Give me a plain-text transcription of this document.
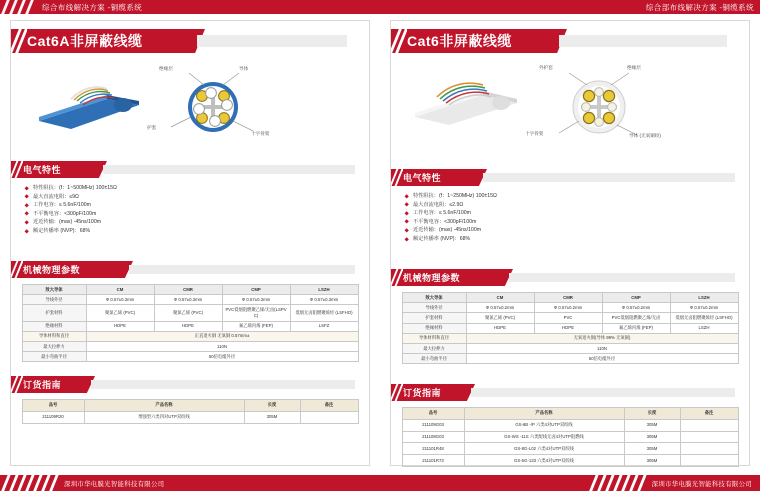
综合布线解决方案 -铜缆系统
Cat6A非屏蔽线缆
绝缘层	导体
护套
十字骨架
电气特性
特性阻抗：(f：1~500MHz) 100±15Ω
最大直流电阻：≤9Ω
工作电容：≤ 5.6nF/100m
不平衡电容：<300pF/100m
近近传输：(max) -45ns/100m
额定传播率 (NVP)：68%
机械物理参数
效大导体	CM	CMR	CMP	LSZH
导线外径	Φ 0.57±0.3mm	Φ 0.57±0.3mm	Φ 0.57±0.3mm	Φ 0.57±0.3mm
护套材料	聚氯乙烯 (PVC)	聚氯乙烯 (PVC)	PVC低烟阻燃聚乙烯/无卤(LSPVC)	低烟无卤阻燃聚烯烃 (LSFHO)
绝缘材料	HDPE	HDPE	氟乙烯丙烯 (FEP)	LSFZ
导体材料和直径	正直退火铜 无氧铜 0.57mm±			
最大拉伸力	110N			
最小弯曲半径	50倍电缆外径			
订货指南
品号	产品名称	长度	备注
211109R20	增强型六类四对UTP双绞线	305M	
深圳市华电膜光智能科技有限公司
综合部布线解决方案 -铜缆系统
Cat6非屏蔽线缆
外护套	绝缘层
十字骨架	导体 (无氧铜绞)
电气特性
特性阻抗：(f：1~250MHz) 100±15Ω
最大直流电阻：≤2.9Ω
工作电容：≤ 5.6nF/100m
不平衡电容：<300pF/100m
近近传输：(max) -45ns/100m
额定传播率 (NVP)：68%
机械物理参数
效大导体	CM	CMR	CMP	LSZH
导线外径	Φ 0.57±0.2mm	Φ 0.57±0.2mm	Φ 0.57±0.2mm	Φ 0.57±0.2mm
护套材料	聚氯乙烯 (PVC)	PVC	PVC低烟阻燃聚乙烯/无卤	低烟无卤阻燃聚烯烃 (LSFHO)
绝缘材料	HDPE	HDPE	氟乙烯丙烯 (FEP)	LSZH
导体材料和直径	无氧退火铜(导体 99% 无氧铜)			
最大拉伸力	110N			
最小弯曲半径	50倍电缆外径			
订货指南
品号	产品名称	长度	备注
211109G03	GS-6B -/P 六类4对UTP双绞线	305M	
211108G03	GS-WS -11S 六类配线无卤4对UTP阻燃线	305M	
211101R48	GS-8G-L02 六类4对UTP双绞线	305M	
211101R73	GS-6G-133 六类4对UTP双绞线	305M	
深圳市华电膜光智能科技有限公司
